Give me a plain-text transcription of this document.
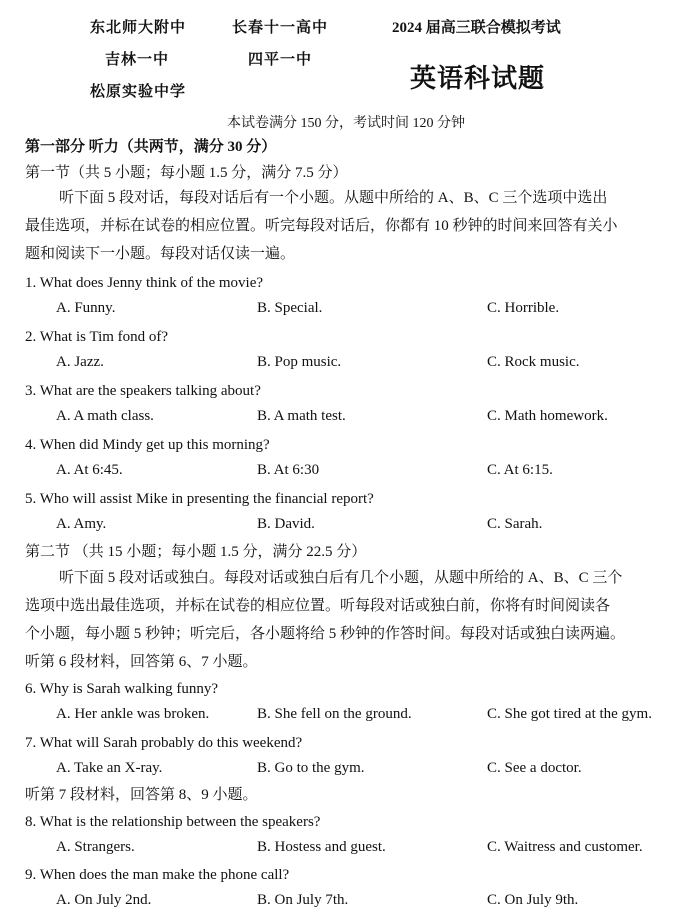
东北师大附中	长春十一高中
吉林一中	四平一中
松原实验中学
2024 届高三联合模拟考试
英语科试题
本试卷满分 150 分，考试时间 120 分钟
第一部分 听力（共两节，满分 30 分）
第一节（共 5 小题；每小题 1.5 分，满分 7.5 分）
听下面 5 段对话，每段对话后有一个小题。从题中所给的 A、B、C 三个选项中选出
最佳选项，并标在试卷的相应位置。听完每段对话后，你都有 10 秒钟的时间来回答有关小
题和阅读下一小题。每段对话仅读一遍。
1. What does Jenny think of the movie?
A. Funny.	B. Special.	C. Horrible.
2. What is Tim fond of?
A. Jazz.	B. Pop music.	C. Rock music.
3. What are the speakers talking about?
A. A math class.	B. A math test.	C. Math homework.
4. When did Mindy get up this morning?
A. At 6:45.	B. At 6:30	C. At 6:15.
5. Who will assist Mike in presenting the financial report?
A. Amy.	B. David.	C. Sarah.
第二节 （共 15 小题；每小题 1.5 分，满分 22.5 分）
听下面 5 段对话或独白。每段对话或独白后有几个小题，从题中所给的 A、B、C 三个
选项中选出最佳选项，并标在试卷的相应位置。听每段对话或独白前，你将有时间阅读各
个小题，每小题 5 秒钟；听完后，各小题将给 5 秒钟的作答时间。每段对话或独白读两遍。
听第 6 段材料，回答第 6、7 小题。
6. Why is Sarah walking funny?
A. Her ankle was broken.	B. She fell on the ground.	C. She got tired at the gym.
7. What will Sarah probably do this weekend?
A. Take an X-ray.	B. Go to the gym.	C. See a doctor.
听第 7 段材料，回答第 8、9 小题。
8. What is the relationship between the speakers?
A. Strangers.	B. Hostess and guest.	C. Waitress and customer.
9. When does the man make the phone call?
A. On July 2nd.	B. On July 7th.	C. On July 9th.
